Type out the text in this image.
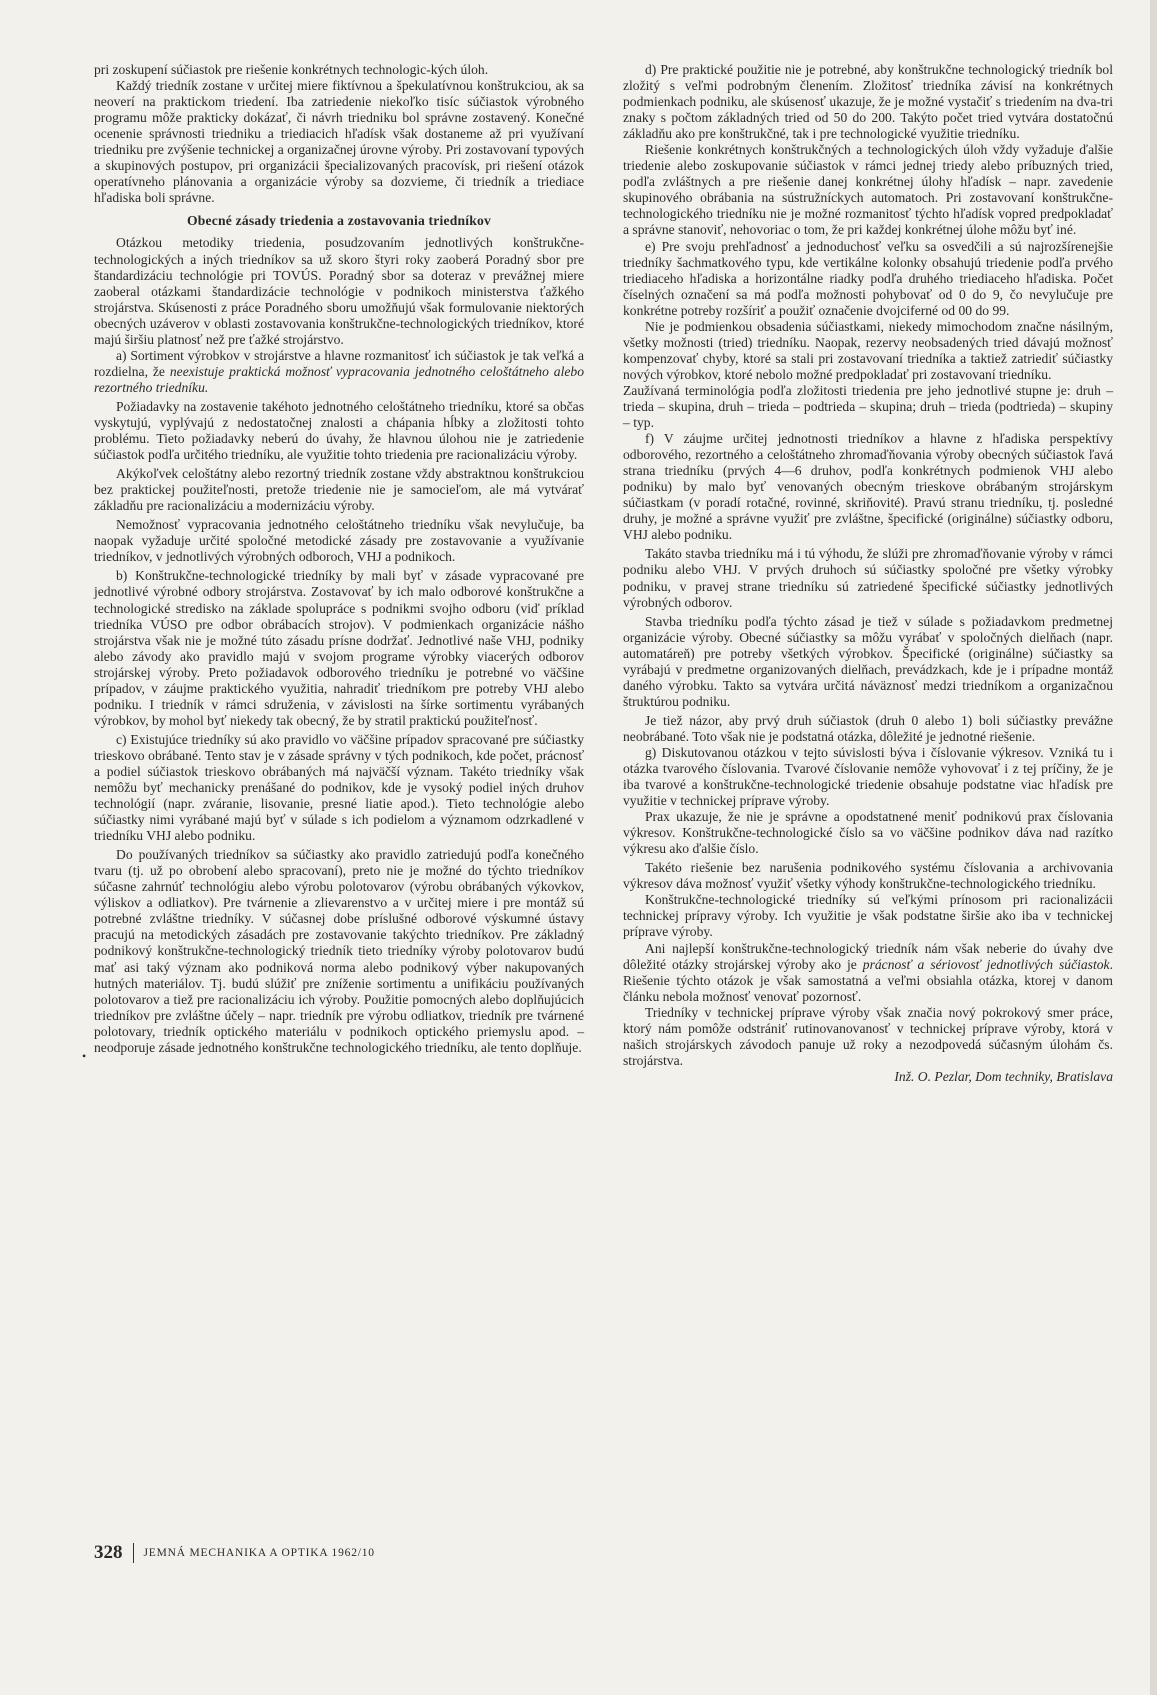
pri zoskupení súčiastok pre riešenie konkrétnych technologic-kých úloh.

Každý triedník zostane v určitej miere fiktívnou a špekulatívnou konštrukciou, ak sa neoverí na praktickom triedení. Iba zatriedenie niekoľko tisíc súčiastok výrobného programu môže prakticky dokázať, či návrh triedniku bol správne zostavený. Konečné ocenenie správnosti triedniku a triediacich hľadísk však dostaneme až pri využívaní triedniku pre zvýšenie technickej a organizačnej úrovne výroby. Pri zostavovaní typových a skupinových postupov, pri organizácii špecializovaných pracovísk, pri riešení otázok operatívneho plánovania a organizácie výroby sa dozvieme, či triedník a triediace hľadiska boli správne.

Obecné zásady triedenia a zostavovania triedníkov

Otázkou metodiky triedenia, posudzovaním jednotlivých konštrukčne-technologických a iných triedníkov sa už skoro štyri roky zaoberá Poradný sbor pre štandardizáciu technológie pri TOVÚS. Poradný sbor sa doteraz v prevážnej miere zaoberal otázkami štandardizácie technológie v podnikoch ministerstva ťažkého strojárstva. Skúsenosti z práce Poradného sboru umožňujú však formulovanie niektorých obecných uzáverov v oblasti zostavovania konštrukčne-technologických triedníkov, ktoré majú širšiu platnosť než pre ťažké strojárstvo.

a) Sortiment výrobkov v strojárstve a hlavne rozmanitosť ich súčiastok je tak veľká a rozdielna, že neexistuje praktická možnosť vypracovania jednotného celoštátneho alebo rezortného triedníku.

Požiadavky na zostavenie takéhoto jednotného celoštátneho triedníku, ktoré sa občas vyskytujú, vyplývajú z nedostatočnej znalosti a chápania hĺbky a zložitosti tohto problému. Tieto požiadavky neberú do úvahy, že hlavnou úlohou nie je zatriedenie súčiastok podľa určitého triedníku, ale využitie tohto triedenia pre racionalizáciu výroby.

Akýkoľvek celoštátny alebo rezortný triedník zostane vždy abstraktnou konštrukciou bez praktickej použiteľnosti, pretože triedenie nie je samocieľom, ale má vytvárať základňu pre racionalizáciu a modernizáciu výroby.

Nemožnosť vypracovania jednotného celoštátneho triedníku však nevylučuje, ba naopak vyžaduje určité spoločné metodické zásady pre zostavovanie a využívanie triedníkov, v jednotlivých výrobných odboroch, VHJ a podnikoch.

b) Konštrukčne-technologické triedníky by mali byť v zásade vypracované pre jednotlivé výrobné odbory strojárstva. Zostavovať by ich malo odborové konštrukčne a technologické stredisko na základe spolupráce s podnikmi svojho odboru (viď príklad triedníka VÚSO pre odbor obrábacích strojov). V podmienkach organizácie nášho strojárstva však nie je možné túto zásadu prísne dodržať. Jednotlivé naše VHJ, podniky alebo závody ako pravidlo majú v svojom programe výrobky viacerých odborov strojárskej výroby. Preto požiadavok odborového triedníku je potrebné vo väčšine prípadov, v záujme praktického využitia, nahradiť triedníkom pre potreby VHJ alebo podniku. I triedník v rámci sdruženia, v závislosti na šírke sortimentu vyrábaných výrobkov, by mohol byť niekedy tak obecný, že by stratil praktickú použiteľnosť.

c) Existujúce triedníky sú ako pravidlo vo väčšine prípadov spracované pre súčiastky trieskovo obrábané. Tento stav je v zásade správny v tých podnikoch, kde počet, prácnosť a podiel súčiastok trieskovo obrábaných má najväčší význam. Takéto triedníky však nemôžu byť mechanicky prenášané do podnikov, kde je vysoký podiel iných druhov technológií (napr. zváranie, lisovanie, presné liatie apod.). Tieto technológie alebo súčiastky nimi vyrábané majú byť v súlade s ich podielom a významom odzrkadlené v triedníku VHJ alebo podniku.

Do používaných triedníkov sa súčiastky ako pravidlo zatriedujú podľa konečného tvaru (tj. už po obrobení alebo spracovaní), preto nie je možné do týchto triedníkov súčasne zahrnúť technológiu alebo výrobu polotovarov (výrobu obrábaných výkovkov, výliskov a odliatkov). Pre tvárnenie a zlievarenstvo a v určitej miere i pre montáž sú potrebné zvláštne triedníky. V súčasnej dobe príslušné odborové výskumné ústavy pracujú na metodických zásadách pre zostavovanie takýchto triedníkov. Pre základný podnikový konštrukčne-technologický triedník tieto triedníky výroby polotovarov budú mať asi taký význam ako podniková norma alebo podnikový výber nakupovaných hutných materiálov. Tj. budú slúžiť pre zníženie sortimentu a unifikáciu používaných polotovarov a tiež pre racionalizáciu ich výroby. Použitie pomocných alebo doplňujúcich triedníkov pre zvláštne účely – napr. triedník pre výrobu odliatkov, triedník pre tvárnené polotovary, triedník optického materiálu v podnikoch optického priemyslu apod. – neodporuje zásade jednotného konštrukčne technologického triedníku, ale tento doplňuje.

d) Pre praktické použitie nie je potrebné, aby konštrukčne technologický triedník bol zložitý s veľmi podrobným členením. Zložitosť triedníka závisí na konkrétnych podmienkach podniku, ale skúsenosť ukazuje, že je možné vystačiť s triedením na dva-tri znaky s počtom základných tried od 50 do 200. Takýto počet tried vytvára dostatočnú základňu ako pre konštrukčné, tak i pre technologické využitie triedníku.

Riešenie konkrétnych konštrukčných a technologických úloh vždy vyžaduje ďalšie triedenie alebo zoskupovanie súčiastok v rámci jednej triedy alebo príbuzných tried, podľa zvláštnych a pre riešenie danej konkrétnej úlohy hľadísk – napr. zavedenie skupinového obrábania na sústružníckych automatoch. Pri zostavovaní konštrukčne-technologického triedníku nie je možné rozmanitosť týchto hľadísk vopred predpokladať a správne stanoviť, nehovoriac o tom, že pri každej konkrétnej úlohe môžu byť iné.

e) Pre svoju prehľadnosť a jednoduchosť veľku sa osvedčili a sú najrozšírenejšie triedníky šachmatkového typu, kde vertikálne kolonky obsahujú triedenie podľa prvého triediaceho hľadiska a horizontálne riadky podľa druhého triediaceho hľadiska. Počet číselných označení sa má podľa možnosti pohybovať od 0 do 9, čo nevylučuje pre konkrétne potreby rozšíriť a použiť označenie dvojciferné od 00 do 99.

Nie je podmienkou obsadenia súčiastkami, niekedy mimochodom značne násilným, všetky možnosti (tried) triedníku. Naopak, rezervy neobsadených tried dávajú možnosť kompenzovať chyby, ktoré sa stali pri zostavovaní triedníka a taktiež zatriediť súčiastky nových výrobkov, ktoré nebolo možné predpokladať pri zostavovaní triedníku.

Zaužívaná terminológia podľa zložitosti triedenia pre jeho jednotlivé stupne je: druh – trieda – skupina, druh – trieda – podtrieda – skupina; druh – trieda (podtrieda) – skupiny – typ.

f) V záujme určitej jednotnosti triedníkov a hlavne z hľadiska perspektívy odborového, rezortného a celoštátneho zhromaďňovania výroby obecných súčiastok ľavá strana triedníku (prvých 4—6 druhov, podľa konkrétnych podmienok VHJ alebo podniku) by malo byť venovaných obecným trieskove obrábaným strojárskym súčiastkam (v poradí rotačné, rovinné, skriňovité). Pravú stranu triedníku, tj. posledné druhy, je možné a správne využiť pre zvláštne, špecifické (originálne) súčiastky odboru, VHJ alebo podniku.

Takáto stavba triedníku má i tú výhodu, že slúži pre zhromaďňovanie výroby v rámci podniku alebo VHJ. V prvých druhoch sú súčiastky spoločné pre všetky výrobky podniku, v pravej strane triedníku sú zatriedené špecifické súčiastky jednotlivých výrobných odborov.

Stavba triedníku podľa týchto zásad je tiež v súlade s požiadavkom predmetnej organizácie výroby. Obecné súčiastky sa môžu vyrábať v spoločných dielňach (napr. automatáreň) pre potreby všetkých výrobkov. Špecifické (originálne) súčiastky sa vyrábajú v predmetne organizovaných dielňach, prevádzkach, kde je i prípadne montáž daného výrobku. Takto sa vytvára určitá náväznosť medzi triedníkom a organizačnou štruktúrou podniku.

Je tiež názor, aby prvý druh súčiastok (druh 0 alebo 1) boli súčiastky prevážne neobrábané. Toto však nie je podstatná otázka, dôležité je jednotné riešenie.

g) Diskutovanou otázkou v tejto súvislosti býva i číslovanie výkresov. Vzniká tu i otázka tvarového číslovania. Tvarové číslovanie nemôže vyhovovať i z tej príčiny, že je iba tvarové a konštrukčne-technologické triedenie obsahuje podstatne viac hľadísk pre využitie v technickej príprave výroby.

Prax ukazuje, že nie je správne a opodstatnené meniť podnikovú prax číslovania výkresov. Konštrukčne-technologické číslo sa vo väčšine podnikov dáva nad razítko výkresu ako ďalšie číslo.

Takéto riešenie bez narušenia podnikového systému číslovania a archivovania výkresov dáva možnosť využiť všetky výhody konštrukčne-technologického triedníku.

Konštrukčne-technologické triedníky sú veľkými prínosom pri racionalizácii technickej prípravy výroby. Ich využitie je však podstatne širšie ako iba v technickej príprave výroby.

Ani najlepší konštrukčne-technologický triedník nám však neberie do úvahy dve dôležité otázky strojárskej výroby ako je prácnosť a sériovosť jednotlivých súčiastok. Riešenie týchto otázok je však samostatná a veľmi obsiahla otázka, ktorej v danom článku nebola možnosť venovať pozornosť.

Triedníky v technickej príprave výroby však značia nový pokrokový smer práce, ktorý nám pomôže odstrániť rutinovanovanosť v technickej príprave výroby, ktorá v našich strojárskych závodoch panuje už roky a nezodpovedá súčasným úlohám čs. strojárstva.

Inž. O. Pezlar, Dom techniky, Bratislava

•
328 JEMNÁ MECHANIKA A OPTIKA 1962/10
